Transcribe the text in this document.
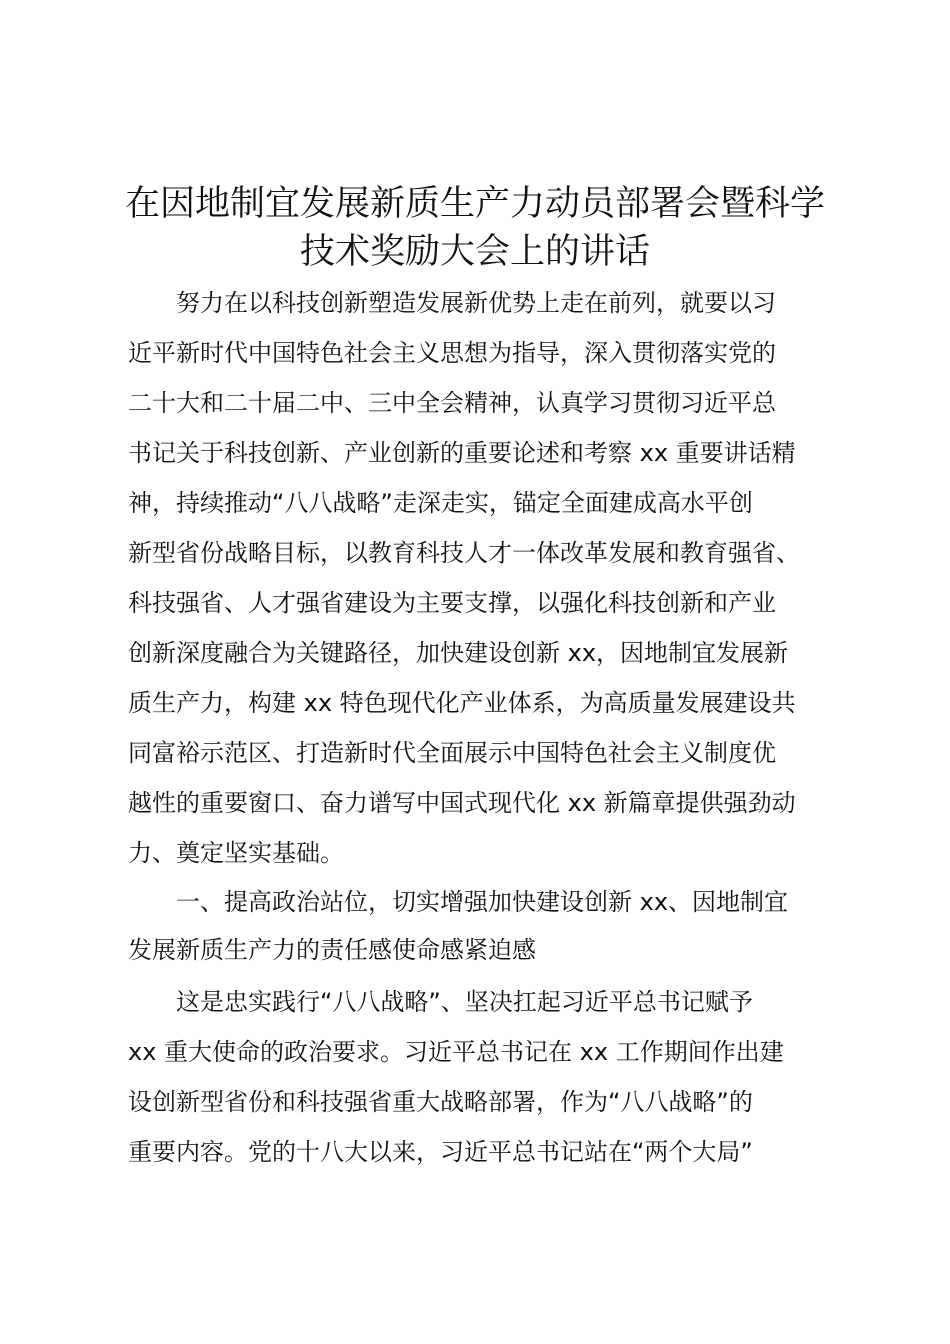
在因地制宜发展新质生产力动员部署会暨科学
技术奖励大会上的讲话
努力在以科技创新塑造发展新优势上走在前列，就要以习
近平新时代中国特色社会主义思想为指导，深入贯彻落实党的
二十大和二十届二中、三中全会精神，认真学习贯彻习近平总
书记关于科技创新、产业创新的重要论述和考察 xx 重要讲话精
神，持续推动“八八战略”走深走实，锚定全面建成高水平创
新型省份战略目标，以教育科技人才一体改革发展和教育强省、
科技强省、人才强省建设为主要支撑，以强化科技创新和产业
创新深度融合为关键路径，加快建设创新 xx，因地制宜发展新
质生产力，构建 xx 特色现代化产业体系，为高质量发展建设共
同富裕示范区、打造新时代全面展示中国特色社会主义制度优
越性的重要窗口、奋力谱写中国式现代化 xx 新篇章提供强劲动
力、奠定坚实基础。
一、提高政治站位，切实增强加快建设创新 xx、因地制宜
发展新质生产力的责任感使命感紧迫感
这是忠实践行“八八战略”、坚决扛起习近平总书记赋予
xx 重大使命的政治要求。习近平总书记在 xx 工作期间作出建
设创新型省份和科技强省重大战略部署，作为“八八战略”的
重要内容。党的十八大以来，习近平总书记站在“两个大局”
